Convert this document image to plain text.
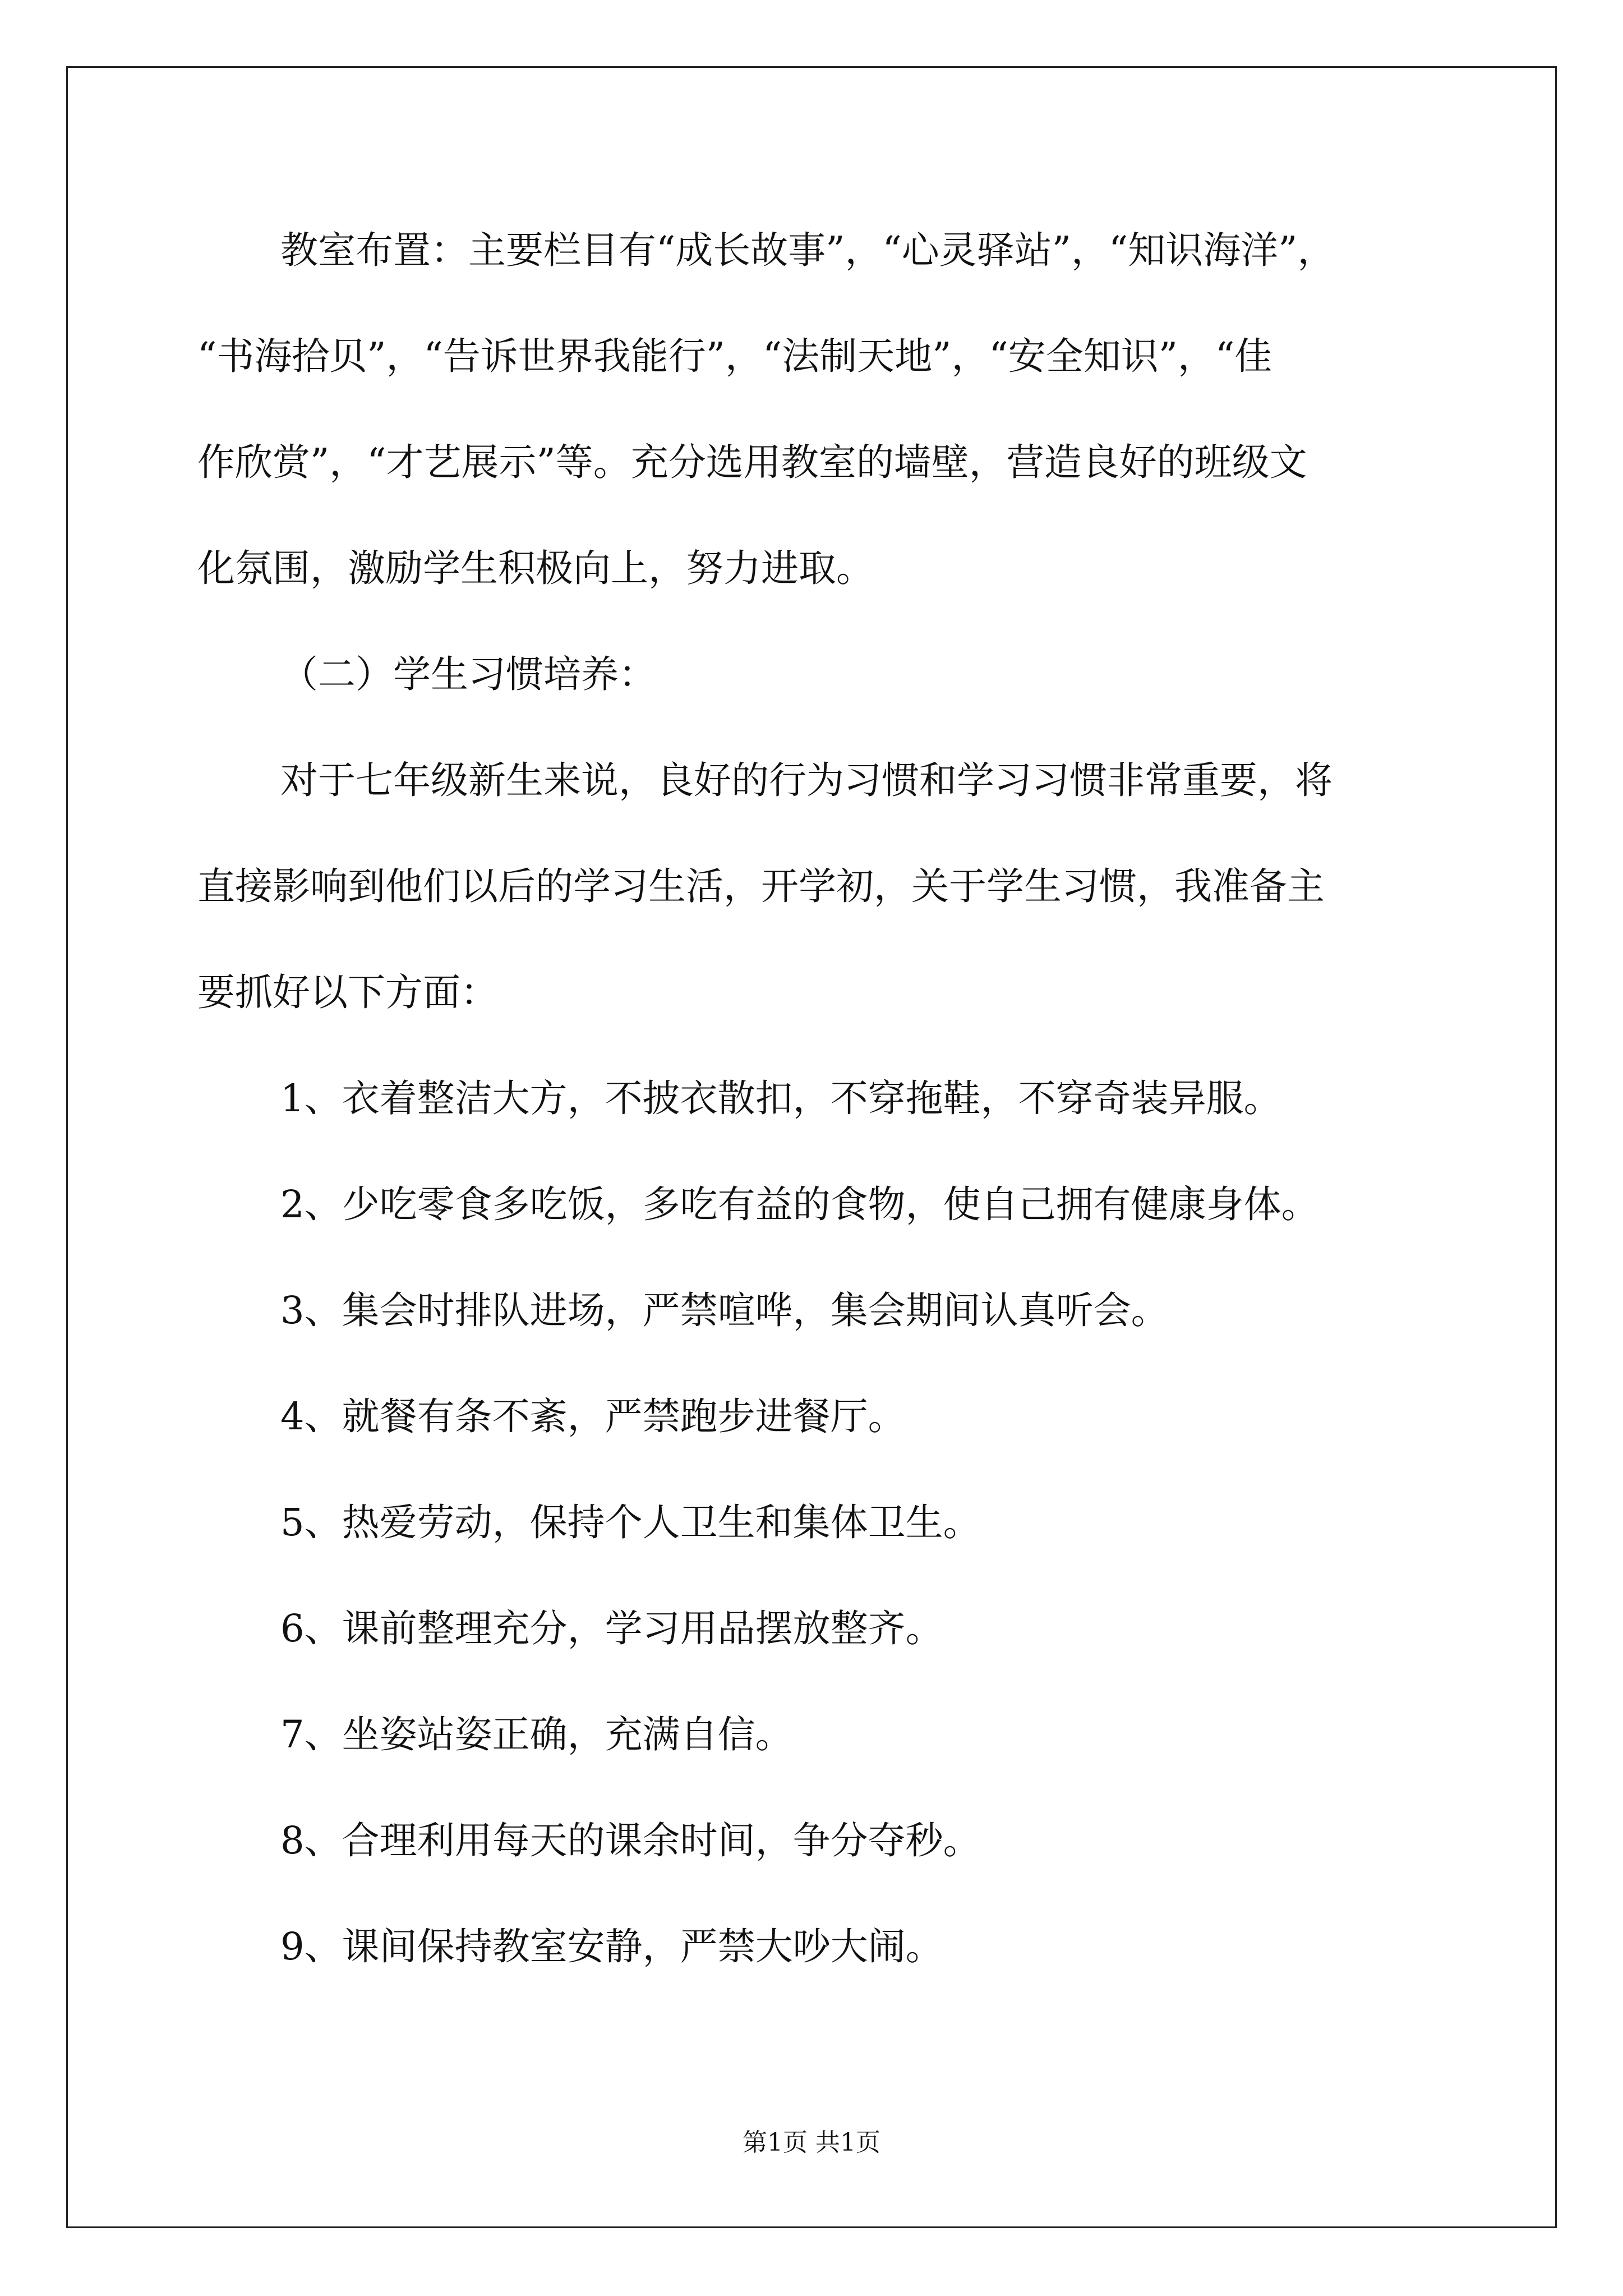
教室布置：主要栏目有“成长故事”，“心灵驿站”，“知识海洋”，
“书海拾贝”，“告诉世界我能行”，“法制天地”，“安全知识”，“佳
作欣赏”，“才艺展示”等。充分选用教室的墙壁，营造良好的班级文
化氛围，激励学生积极向上，努力进取。
（二）学生习惯培养：
对于七年级新生来说，良好的行为习惯和学习习惯非常重要，将
直接影响到他们以后的学习生活，开学初，关于学生习惯，我准备主
要抓好以下方面：
1、衣着整洁大方，不披衣散扣，不穿拖鞋，不穿奇装异服。
2、少吃零食多吃饭，多吃有益的食物，使自己拥有健康身体。
3、集会时排队进场，严禁喧哗，集会期间认真听会。
4、就餐有条不紊，严禁跑步进餐厅。
5、热爱劳动，保持个人卫生和集体卫生。
6、课前整理充分，学习用品摆放整齐。
7、坐姿站姿正确，充满自信。
8、合理利用每天的课余时间，争分夺秒。
9、课间保持教室安静，严禁大吵大闹。
第1页 共1页
